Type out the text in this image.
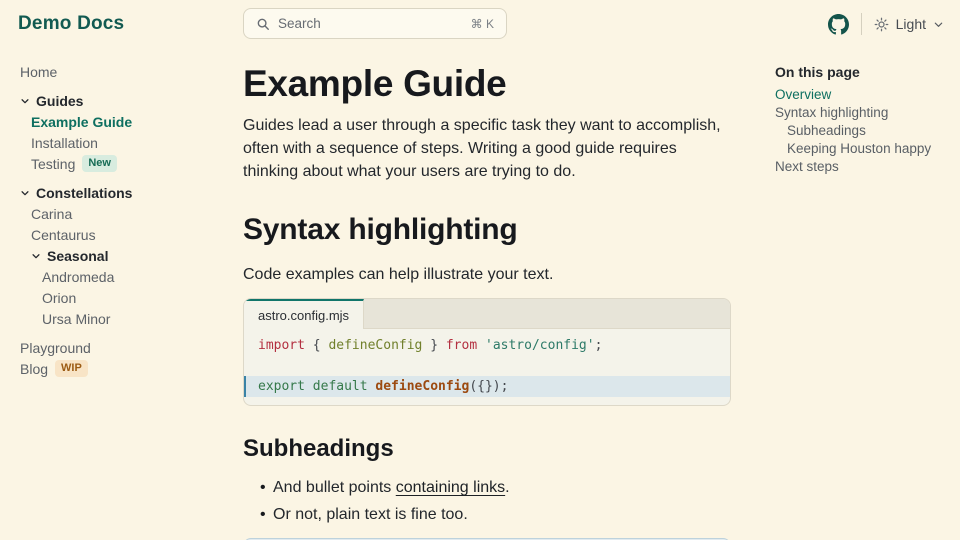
Demo Docs	Search	⌘ K	Light
Home
Guides
Example Guide
Installation
Testing	New
Constellations
Carina
Centaurus
Seasonal
Andromeda
Orion
Ursa Minor
Playground
Blog	WIP
On this page
Overview
Syntax highlighting
Subheadings
Keeping Houston happy
Next steps
Example Guide

Guides lead a user through a specific task they want to accomplish, often with a sequence of steps. Writing a good guide requires thinking about what your users are trying to do.

Syntax highlighting

Code examples can help illustrate your text.

astro.config.mjs
import { defineConfig } from 'astro/config';
export default defineConfig({});
Subheadings
• And bullet points containing links.
• Or not, plain text is fine too.
